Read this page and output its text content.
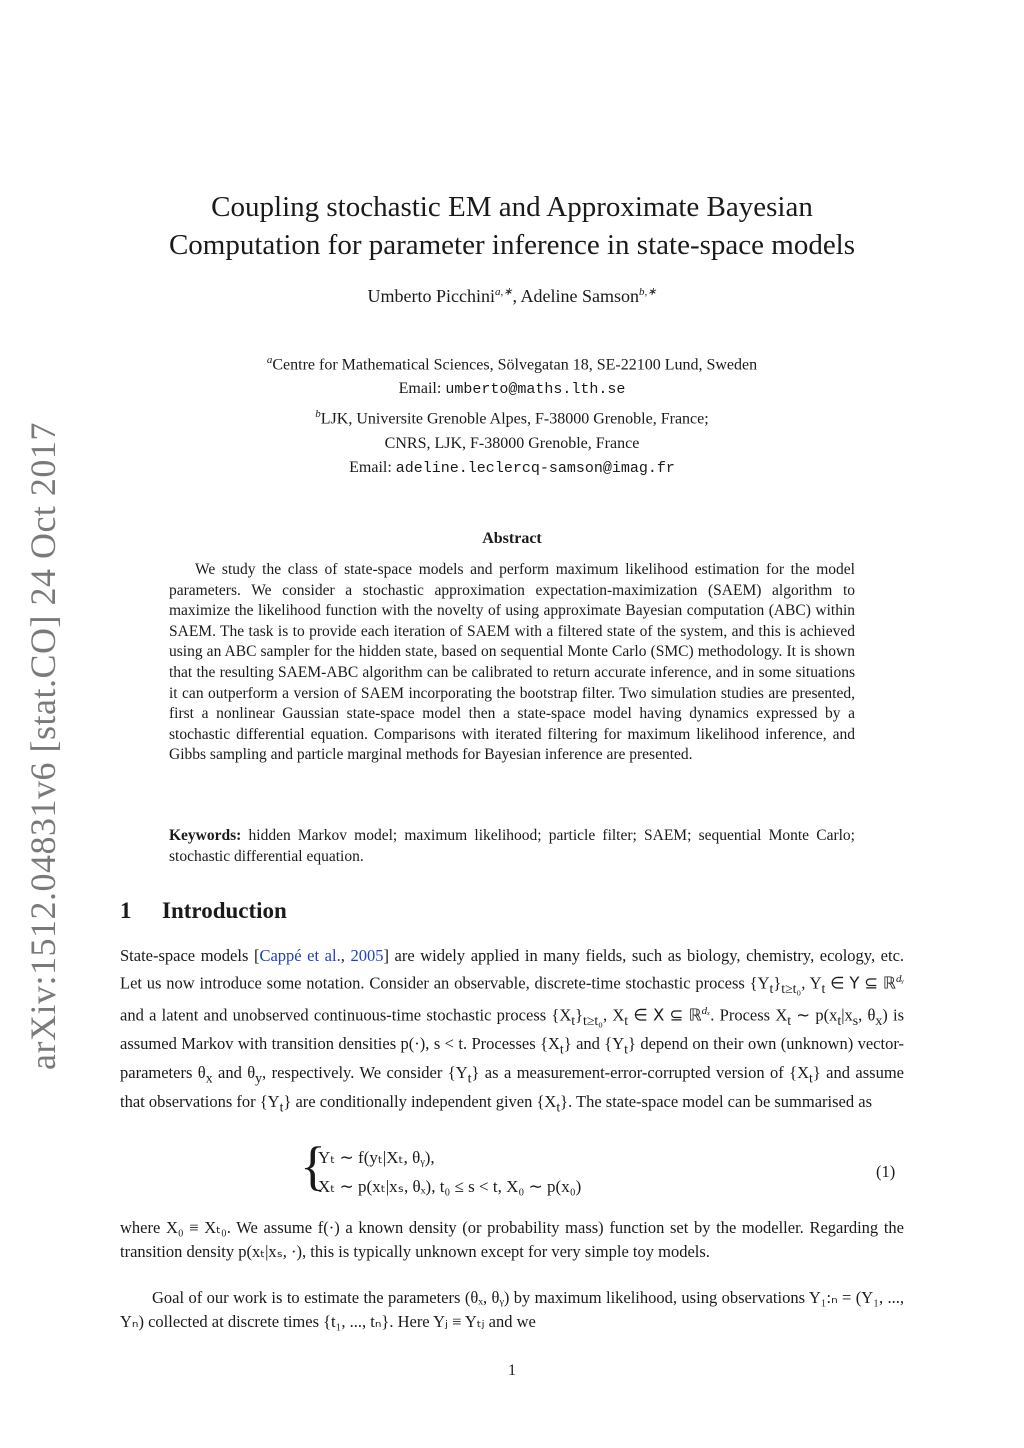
arXiv:1512.04831v6 [stat.CO] 24 Oct 2017
Coupling stochastic EM and Approximate Bayesian
Computation for parameter inference in state-space models
Umberto Picchini$^{a,∗}$, Adeline Samson$^{b,∗}$
$^a$Centre for Mathematical Sciences, Sölvegatan 18, SE-22100 Lund, Sweden
Email: umberto@maths.lth.se
$^b$LJK, Universite Grenoble Alpes, F-38000 Grenoble, France;
CNRS, LJK, F-38000 Grenoble, France
Email: adeline.leclercq-samson@imag.fr
Abstract
We study the class of state-space models and perform maximum likelihood estimation for the model parameters. We consider a stochastic approximation expectation-maximization (SAEM) algorithm to maximize the likelihood function with the novelty of using approximate Bayesian computation (ABC) within SAEM. The task is to provide each iteration of SAEM with a filtered state of the system, and this is achieved using an ABC sampler for the hidden state, based on sequential Monte Carlo (SMC) methodology. It is shown that the resulting SAEM-ABC algorithm can be calibrated to return accurate inference, and in some situations it can outperform a version of SAEM incorporating the bootstrap filter. Two simulation studies are presented, first a nonlinear Gaussian state-space model then a state-space model having dynamics expressed by a stochastic differential equation. Comparisons with iterated filtering for maximum likelihood inference, and Gibbs sampling and particle marginal methods for Bayesian inference are presented.
Keywords: hidden Markov model; maximum likelihood; particle filter; SAEM; sequential Monte Carlo; stochastic differential equation.
1 Introduction
State-space models [Cappé et al., 2005] are widely applied in many fields, such as biology, chemistry, ecology, etc. Let us now introduce some notation. Consider an observable, discrete-time stochastic process $\{Y_t\}_{t\ge t_0}$, $Y_t$ ∈ 𝖸 ⊆ ℝ$^{dᵧ}$ and a latent and unobserved continuous-time stochastic process $\{X_t\}_{t\ge t_0}$, $X_t$ ∈ 𝖷 ⊆ ℝ$^{d_x}$. Process $X_t$ ∼ $p(x_t|x_s$, $\theta_x$) is assumed Markov with transition densities p(·), s < t. Processes $\{X_t\}$ and $\{Y_t\}$ depend on their own (unknown) vector-parameters $\theta_x$ and $\theta_y$, respectively. We consider $\{Y_t\}$ as a measurement-error-corrupted version of $\{X_t\}$ and assume that observations for $\{Y_t\}$ are conditionally independent given $\{X_t\}$. The state-space model can be summarised as
{
Yₜ ∼ f(yₜ|Xₜ, θᵧ),
Xₜ ∼ p(xₜ|xₛ, θₓ), t₀ ≤ s < t, X₀ ∼ p(x₀)
(1)
where X₀ ≡ Xₜ₀. We assume f(·) a known density (or probability mass) function set by the modeller. Regarding the transition density p(xₜ|xₛ, ·), this is typically unknown except for very simple toy models.
Goal of our work is to estimate the parameters (θₓ, θᵧ) by maximum likelihood, using observations Y₁:ₙ = (Y₁, ..., Yₙ) collected at discrete times {t₁, ..., tₙ}. Here Yⱼ ≡ Yₜⱼ and we
1
